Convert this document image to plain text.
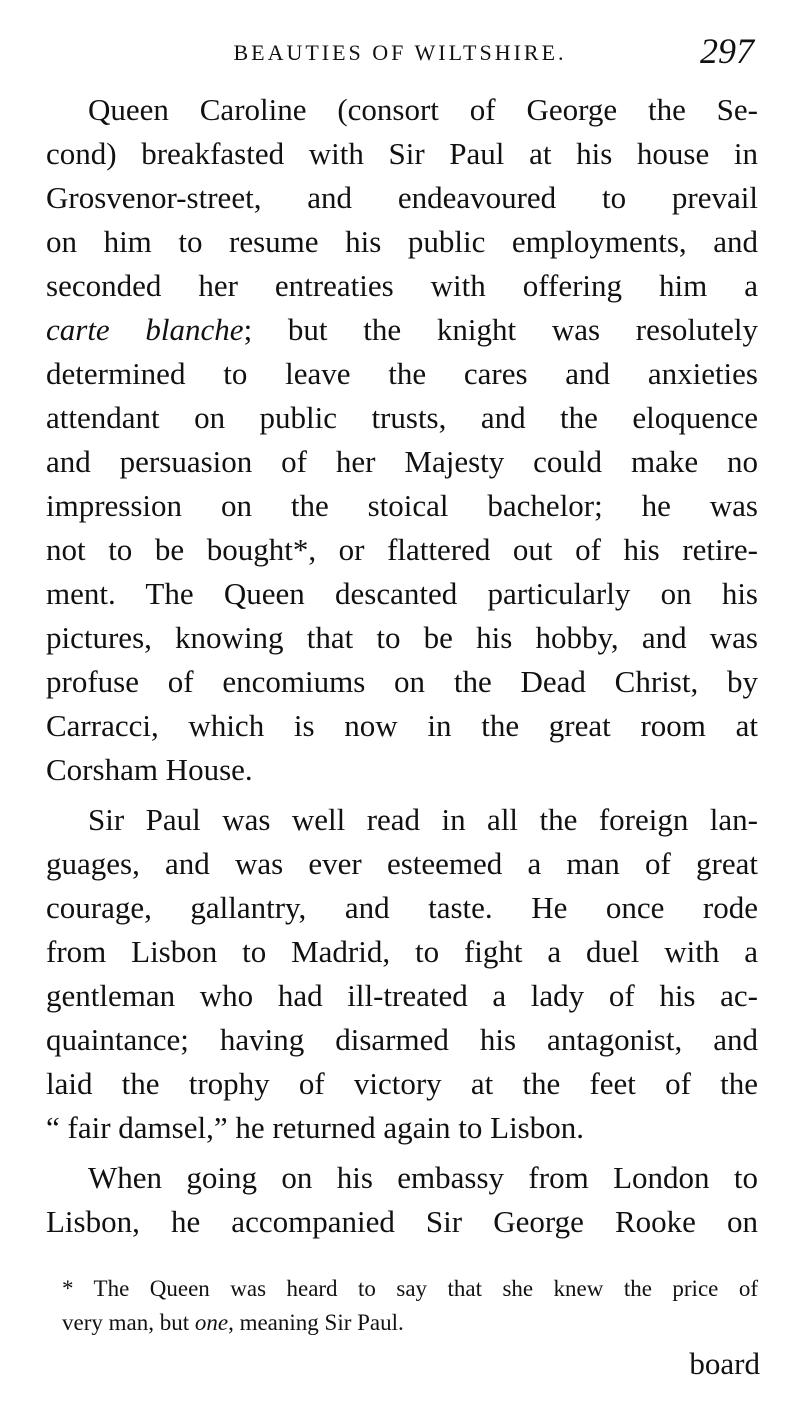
BEAUTIES OF WILTSHIRE.	297
Queen Caroline (consort of George the Se-
cond) breakfasted with Sir Paul at his house in
Grosvenor-street, and endeavoured to prevail
on him to resume his public employments, and
seconded her entreaties with offering him a
carte blanche; but the knight was resolutely
determined to leave the cares and anxieties
attendant on public trusts, and the eloquence
and persuasion of her Majesty could make no
impression on the stoical bachelor; he was
not to be bought*, or flattered out of his retire-
ment. The Queen descanted particularly on his
pictures, knowing that to be his hobby, and was
profuse of encomiums on the Dead Christ, by
Carracci, which is now in the great room at
Corsham House.
Sir Paul was well read in all the foreign lan-
guages, and was ever esteemed a man of great
courage, gallantry, and taste. He once rode
from Lisbon to Madrid, to fight a duel with a
gentleman who had ill-treated a lady of his ac-
quaintance; having disarmed his antagonist, and
laid the trophy of victory at the feet of the
“ fair damsel,” he returned again to Lisbon.
When going on his embassy from London to
Lisbon, he accompanied Sir George Rooke on
* The Queen was heard to say that she knew the price of
very man, but one, meaning Sir Paul.
board
